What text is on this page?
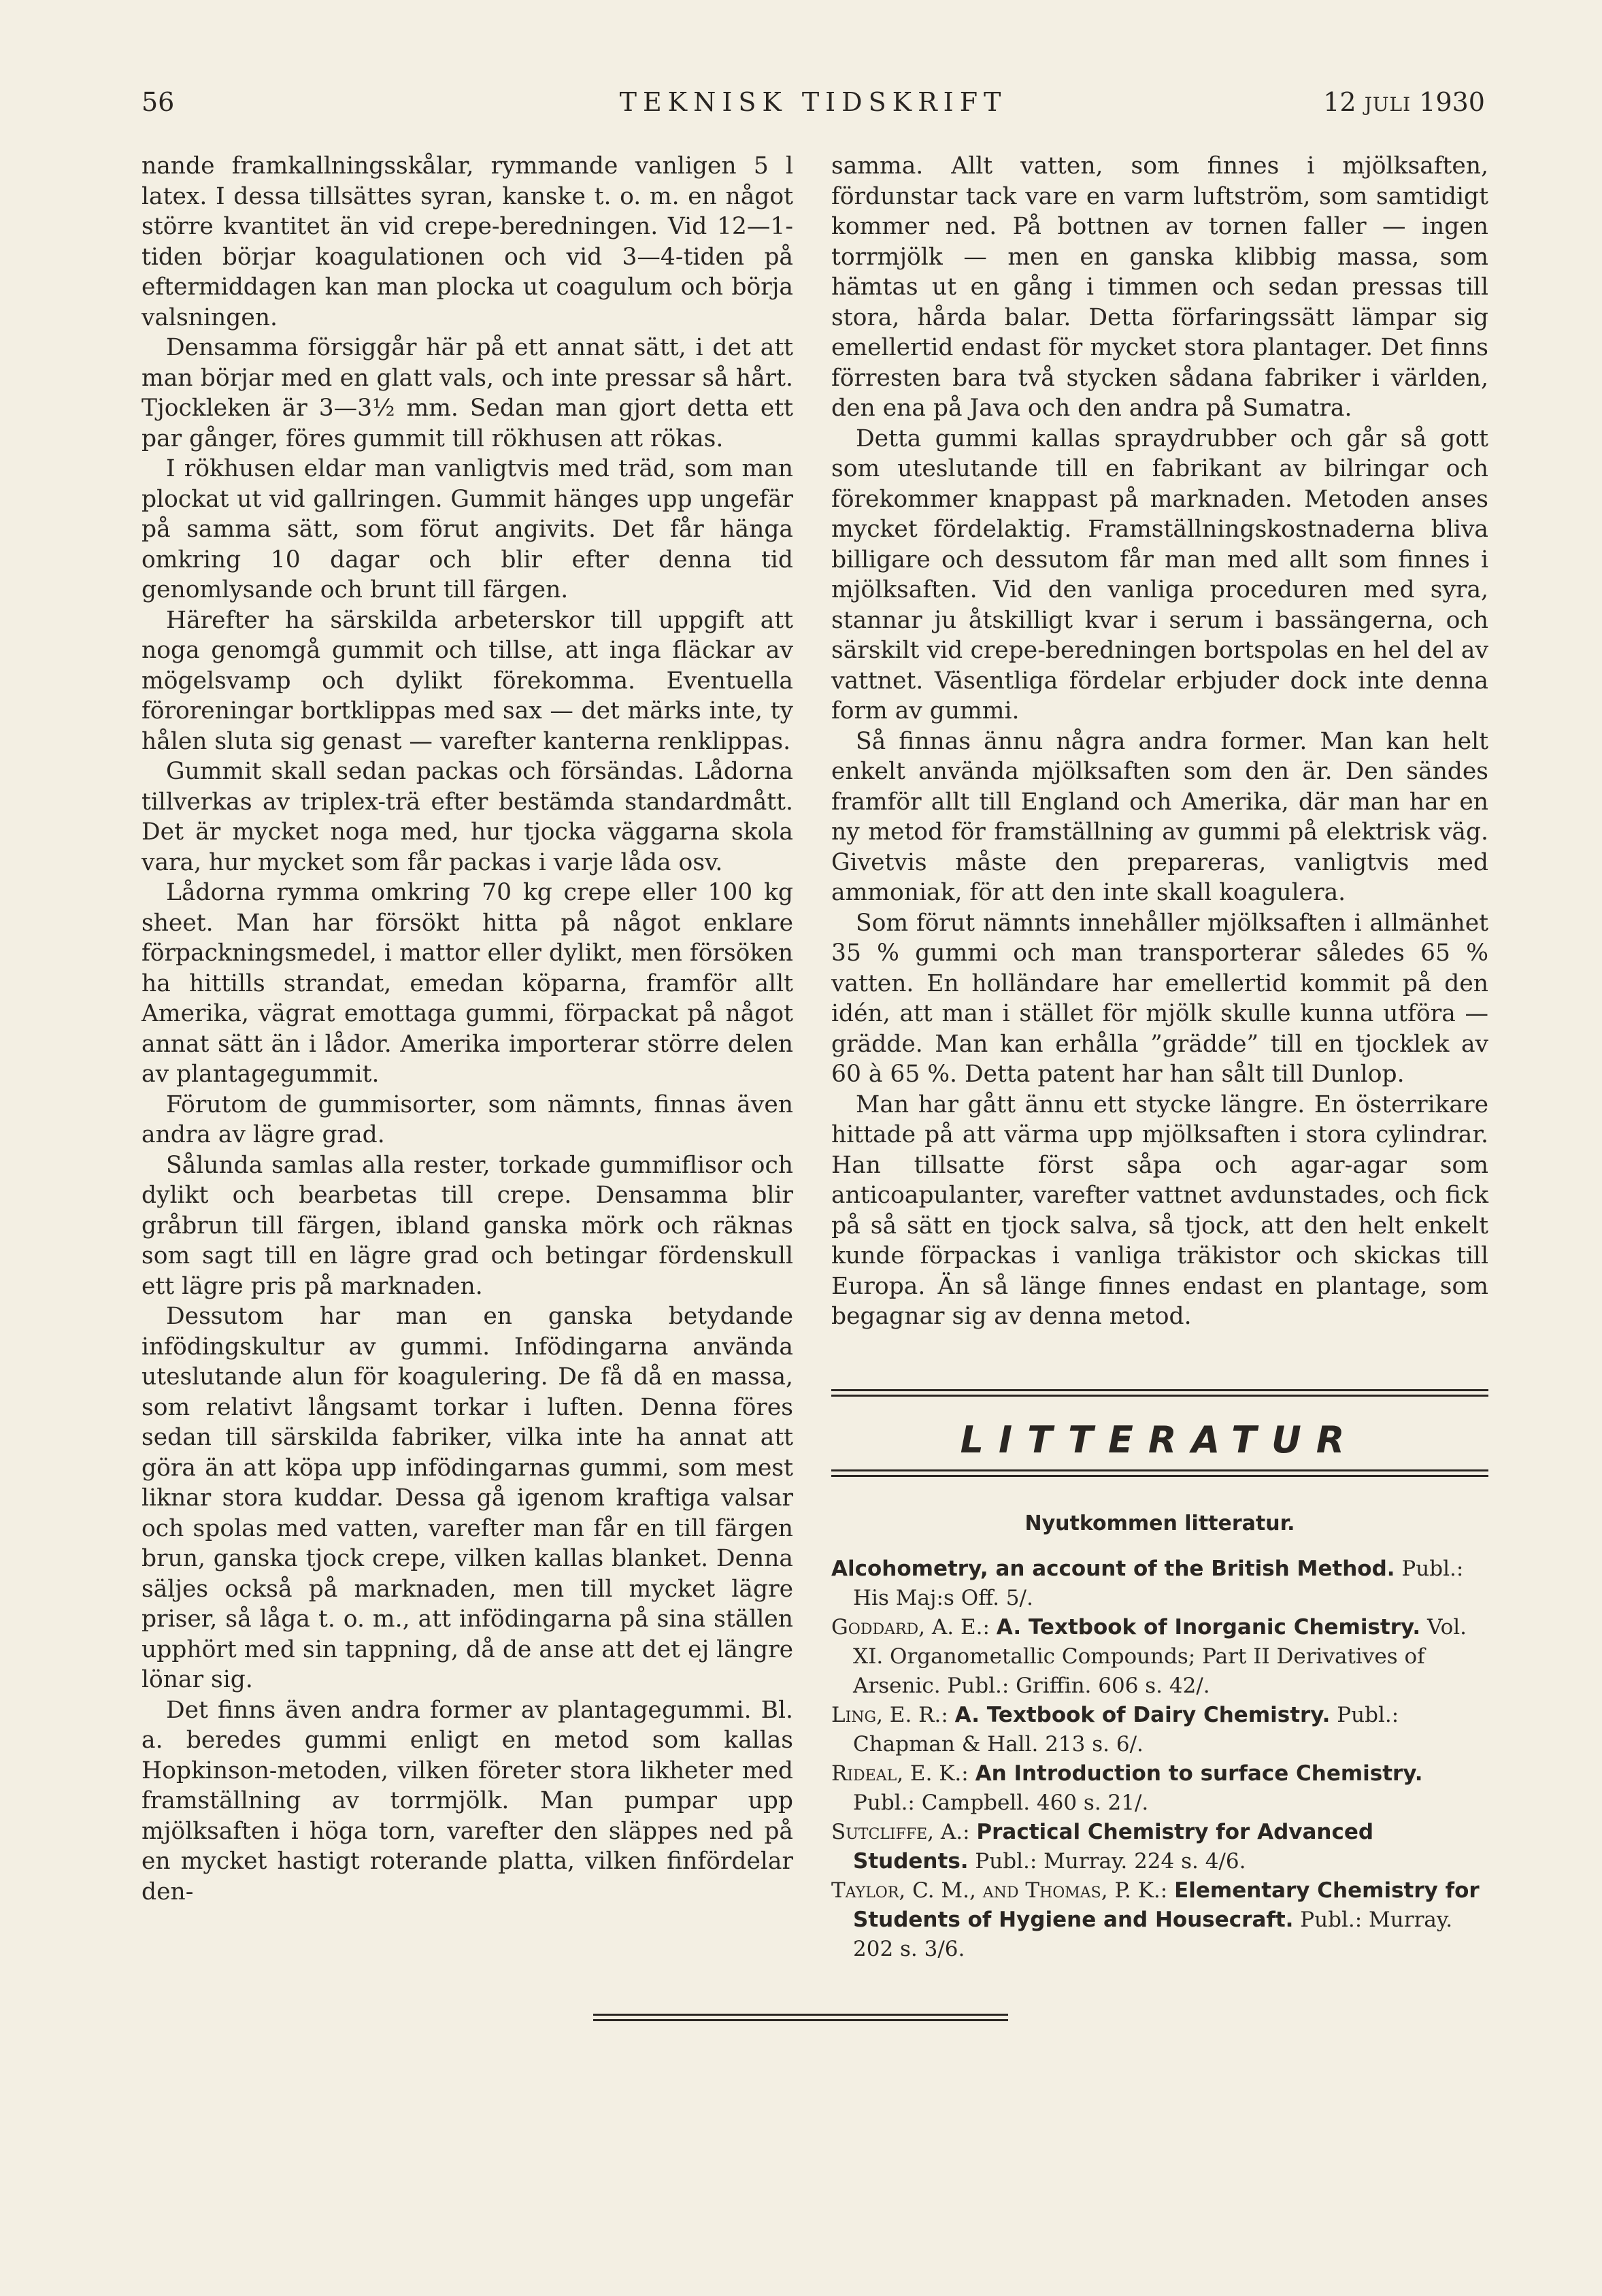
56	TEKNISK TIDSKRIFT	12 JULI 1930

nande framkallningsskålar, rymmande vanligen 5 l latex. I dessa tillsättes syran, kanske t. o. m. en något större kvantitet än vid crepe-beredningen. Vid 12—1-tiden börjar koagulationen och vid 3—4-tiden på eftermiddagen kan man plocka ut coagulum och börja valsningen.

Densamma försiggår här på ett annat sätt, i det att man börjar med en glatt vals, och inte pressar så hårt. Tjockleken är 3—3½ mm. Sedan man gjort detta ett par gånger, föres gummit till rökhusen att rökas.

I rökhusen eldar man vanligtvis med träd, som man plockat ut vid gallringen. Gummit hänges upp ungefär på samma sätt, som förut angivits. Det får hänga omkring 10 dagar och blir efter denna tid genomlysande och brunt till färgen.

Härefter ha särskilda arbeterskor till uppgift att noga genomgå gummit och tillse, att inga fläckar av mögelsvamp och dylikt förekomma. Eventuella föroreningar bortklippas med sax — det märks inte, ty hålen sluta sig genast — varefter kanterna renklippas.

Gummit skall sedan packas och försändas. Lådorna tillverkas av triplex-trä efter bestämda standardmått. Det är mycket noga med, hur tjocka väggarna skola vara, hur mycket som får packas i varje låda osv.

Lådorna rymma omkring 70 kg crepe eller 100 kg sheet. Man har försökt hitta på något enklare förpackningsmedel, i mattor eller dylikt, men försöken ha hittills strandat, emedan köparna, framför allt Amerika, vägrat emottaga gummi, förpackat på något annat sätt än i lådor. Amerika importerar större delen av plantagegummit.

Förutom de gummisorter, som nämnts, finnas även andra av lägre grad.

Sålunda samlas alla rester, torkade gummiflisor och dylikt och bearbetas till crepe. Densamma blir gråbrun till färgen, ibland ganska mörk och räknas som sagt till en lägre grad och betingar fördenskull ett lägre pris på marknaden.

Dessutom har man en ganska betydande infödingskultur av gummi. Infödingarna använda uteslutande alun för koagulering. De få då en massa, som relativt långsamt torkar i luften. Denna föres sedan till särskilda fabriker, vilka inte ha annat att göra än att köpa upp infödingarnas gummi, som mest liknar stora kuddar. Dessa gå igenom kraftiga valsar och spolas med vatten, varefter man får en till färgen brun, ganska tjock crepe, vilken kallas blanket. Denna säljes också på marknaden, men till mycket lägre priser, så låga t. o. m., att infödingarna på sina ställen upphört med sin tappning, då de anse att det ej längre lönar sig.

Det finns även andra former av plantagegummi. Bl. a. beredes gummi enligt en metod som kallas Hopkinson-metoden, vilken företer stora likheter med framställning av torrmjölk. Man pumpar upp mjölksaften i höga torn, varefter den släppes ned på en mycket hastigt roterande platta, vilken finfördelar den-

samma. Allt vatten, som finnes i mjölksaften, fördunstar tack vare en varm luftström, som samtidigt kommer ned. På bottnen av tornen faller — ingen torrmjölk — men en ganska klibbig massa, som hämtas ut en gång i timmen och sedan pressas till stora, hårda balar. Detta förfaringssätt lämpar sig emellertid endast för mycket stora plantager. Det finns förresten bara två stycken sådana fabriker i världen, den ena på Java och den andra på Sumatra.

Detta gummi kallas spraydrubber och går så gott som uteslutande till en fabrikant av bilringar och förekommer knappast på marknaden. Metoden anses mycket fördelaktig. Framställningskostnaderna bliva billigare och dessutom får man med allt som finnes i mjölksaften. Vid den vanliga proceduren med syra, stannar ju åtskilligt kvar i serum i bassängerna, och särskilt vid crepe-beredningen bortspolas en hel del av vattnet. Väsentliga fördelar erbjuder dock inte denna form av gummi.

Så finnas ännu några andra former. Man kan helt enkelt använda mjölksaften som den är. Den sändes framför allt till England och Amerika, där man har en ny metod för framställning av gummi på elektrisk väg. Givetvis måste den prepareras, vanligtvis med ammoniak, för att den inte skall koagulera.

Som förut nämnts innehåller mjölksaften i allmänhet 35 % gummi och man transporterar således 65 % vatten. En holländare har emellertid kommit på den idén, att man i stället för mjölk skulle kunna utföra — grädde. Man kan erhålla ”grädde” till en tjocklek av 60 à 65 %. Detta patent har han sålt till Dunlop.

Man har gått ännu ett stycke längre. En österrikare hittade på att värma upp mjölksaften i stora cylindrar. Han tillsatte först såpa och agar-agar som anticoapulanter, varefter vattnet avdunstades, och fick på så sätt en tjock salva, så tjock, att den helt enkelt kunde förpackas i vanliga träkistor och skickas till Europa. Än så länge finnes endast en plantage, som begagnar sig av denna metod.

LITTERATUR
Nyutkommen litteratur.
Alcohometry, an account of the British Method. Publ.: His Maj:s Off. 5/.
Goddard, A. E.: A. Textbook of Inorganic Chemistry. Vol. XI. Organometallic Compounds; Part II Derivatives of Arsenic. Publ.: Griffin. 606 s. 42/.
Ling, E. R.: A. Textbook of Dairy Chemistry. Publ.: Chapman & Hall. 213 s. 6/.
Rideal, E. K.: An Introduction to surface Chemistry. Publ.: Campbell. 460 s. 21/.
Sutcliffe, A.: Practical Chemistry for Advanced Students. Publ.: Murray. 224 s. 4/6.
Taylor, C. M., and Thomas, P. K.: Elementary Chemistry for Students of Hygiene and Housecraft. Publ.: Murray. 202 s. 3/6.
